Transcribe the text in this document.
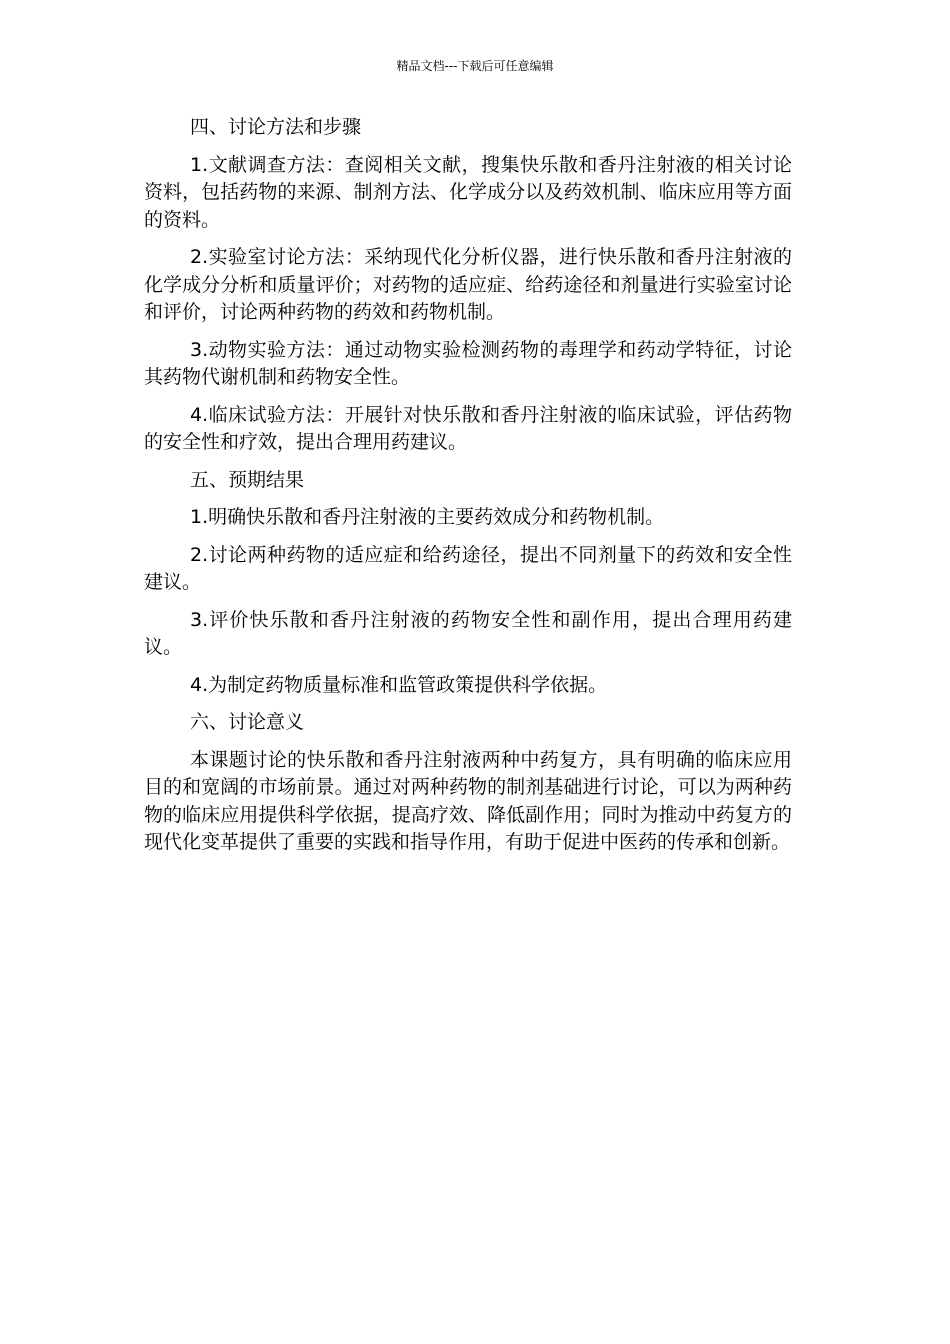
精品文档---下载后可任意编辑

四、讨论方法和步骤

1.文献调查方法：查阅相关文献，搜集快乐散和香丹注射液的相关讨论资料，包括药物的来源、制剂方法、化学成分以及药效机制、临床应用等方面的资料。

2.实验室讨论方法：采纳现代化分析仪器，进行快乐散和香丹注射液的化学成分分析和质量评价；对药物的适应症、给药途径和剂量进行实验室讨论和评价，讨论两种药物的药效和药物机制。

3.动物实验方法：通过动物实验检测药物的毒理学和药动学特征，讨论其药物代谢机制和药物安全性。

4.临床试验方法：开展针对快乐散和香丹注射液的临床试验，评估药物的安全性和疗效，提出合理用药建议。

五、预期结果

1.明确快乐散和香丹注射液的主要药效成分和药物机制。

2.讨论两种药物的适应症和给药途径，提出不同剂量下的药效和安全性建议。

3.评价快乐散和香丹注射液的药物安全性和副作用，提出合理用药建议。

4.为制定药物质量标准和监管政策提供科学依据。

六、讨论意义

本课题讨论的快乐散和香丹注射液两种中药复方，具有明确的临床应用目的和宽阔的市场前景。通过对两种药物的制剂基础进行讨论，可以为两种药物的临床应用提供科学依据，提高疗效、降低副作用；同时为推动中药复方的现代化变革提供了重要的实践和指导作用，有助于促进中医药的传承和创新。
